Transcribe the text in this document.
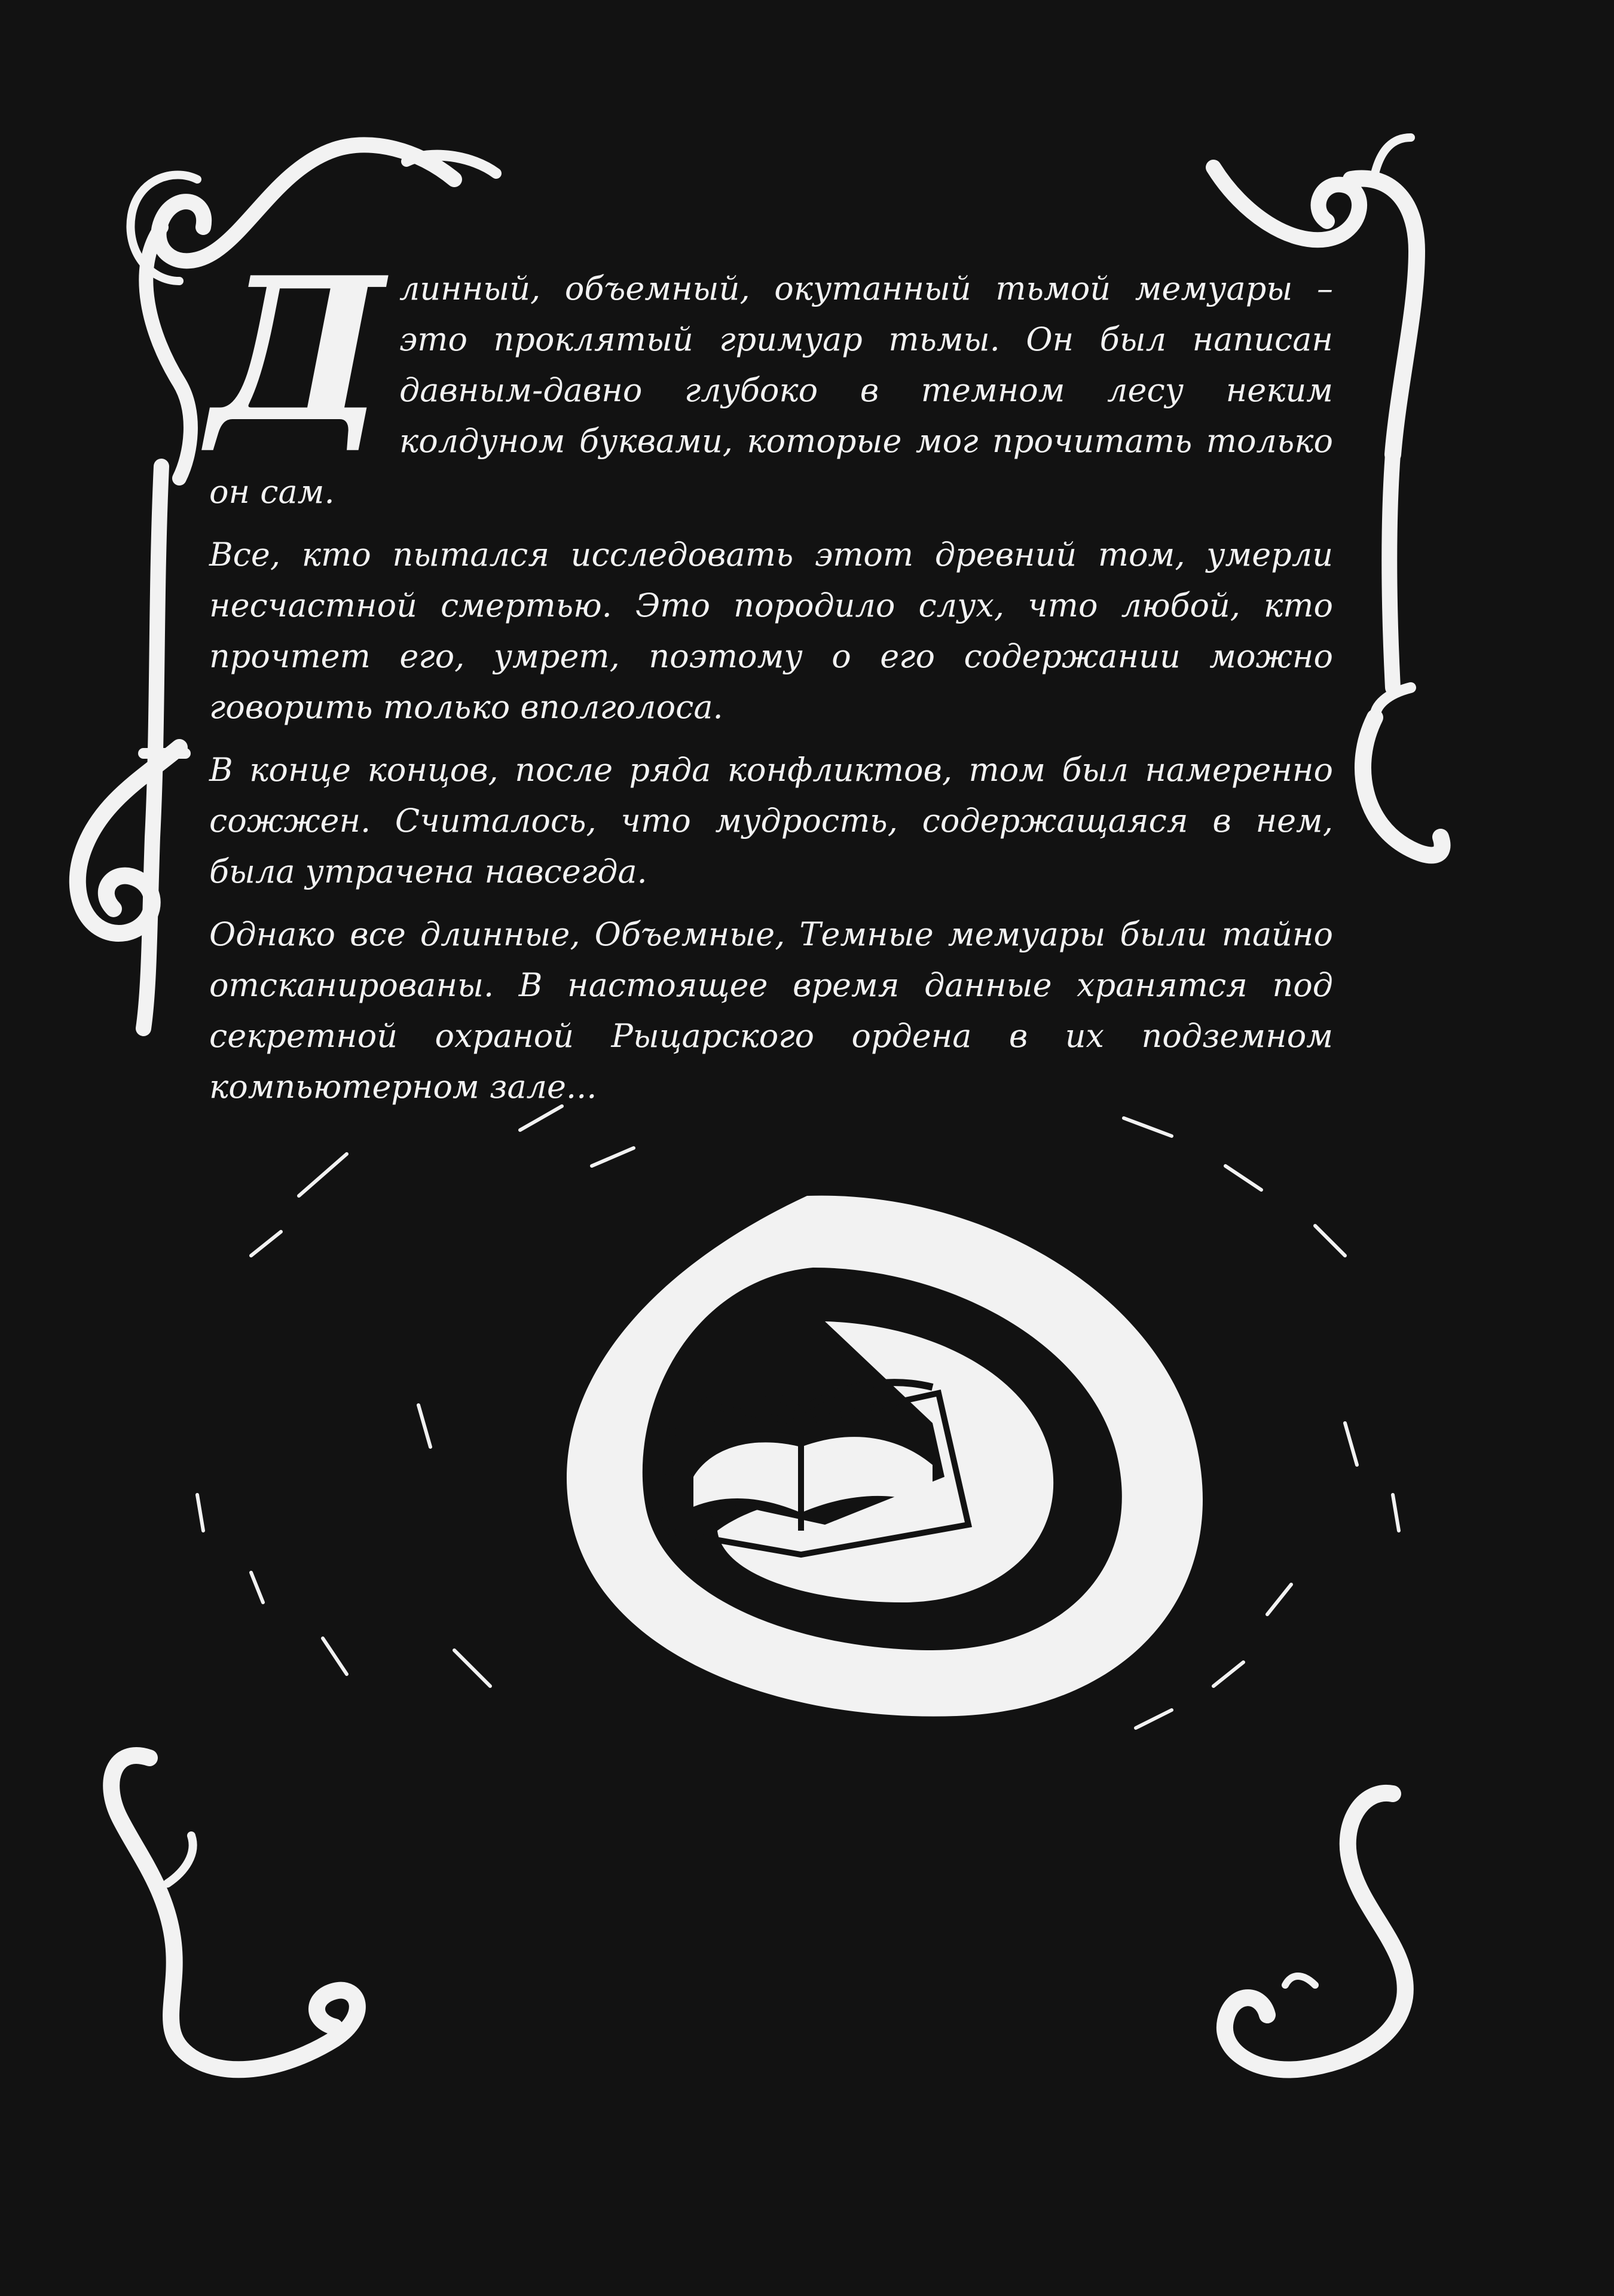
Д линный, объемный, окутанный тьмой мемуары – это проклятый гримуар тьмы. Он был написан давным-давно глубоко в темном лесу неким колдуном буквами, которые мог прочитать только он сам.

Все, кто пытался исследовать этот древний том, умерли несчастной смертью. Это породило слух, что любой, кто прочтет его, умрет, поэтому о его содержании можно говорить только вполголоса.

В конце концов, после ряда конфликтов, том был намеренно сожжен. Считалось, что мудрость, содержащаяся в нем, была утрачена навсегда.

Однако все длинные, Объемные, Темные мемуары были тайно отсканированы. В настоящее время данные хранятся под секретной охраной Рыцарского ордена в их подземном компьютерном зале...
